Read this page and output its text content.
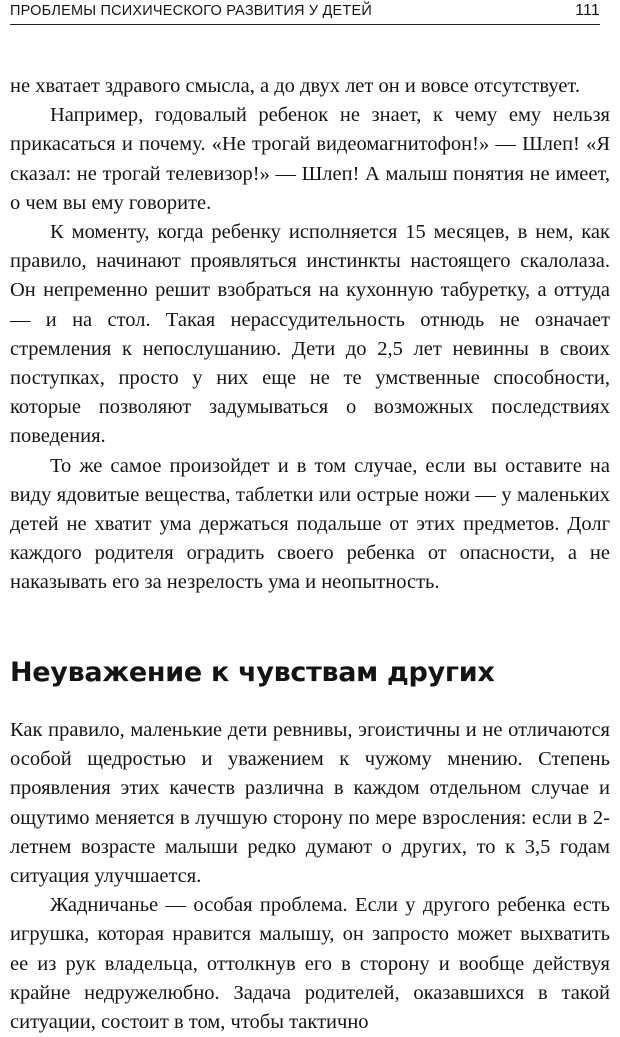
ПРОБЛЕМЫ ПСИХИЧЕСКОГО РАЗВИТИЯ У ДЕТЕЙ	111

не хватает здравого смысла, а до двух лет он и вовсе отсутствует.

Например, годовалый ребенок не знает, к чему ему нельзя прикасаться и почему. «Не трогай видеомагнитофон!» — Шлеп! «Я сказал: не трогай телевизор!» — Шлеп! А малыш понятия не имеет, о чем вы ему говорите.

К моменту, когда ребенку исполняется 15 месяцев, в нем, как правило, начинают проявляться инстинкты настоящего скалолаза. Он непременно решит взобраться на кухонную табуретку, а оттуда — и на стол. Такая нерассудительность отнюдь не означает стремления к непослушанию. Дети до 2,5 лет невинны в своих поступках, просто у них еще не те умственные способности, которые позволяют задумываться о возможных последствиях поведения.

То же самое произойдет и в том случае, если вы оставите на виду ядовитые вещества, таблетки или острые ножи — у маленьких детей не хватит ума держаться подальше от этих предметов. Долг каждого родителя оградить своего ребенка от опасности, а не наказывать его за незрелость ума и неопытность.

Неуважение к чувствам других

Как правило, маленькие дети ревнивы, эгоистичны и не отличаются особой щедростью и уважением к чужому мнению. Степень проявления этих качеств различна в каждом отдельном случае и ощутимо меняется в лучшую сторону по мере взросления: если в 2-летнем возрасте малыши редко думают о других, то к 3,5 годам ситуация улучшается.

Жадничанье — особая проблема. Если у другого ребенка есть игрушка, которая нравится малышу, он запросто может выхватить ее из рук владельца, оттолкнув его в сторону и вообще действуя крайне недружелюбно. Задача родителей, оказавшихся в такой ситуации, состоит в том, чтобы тактично
